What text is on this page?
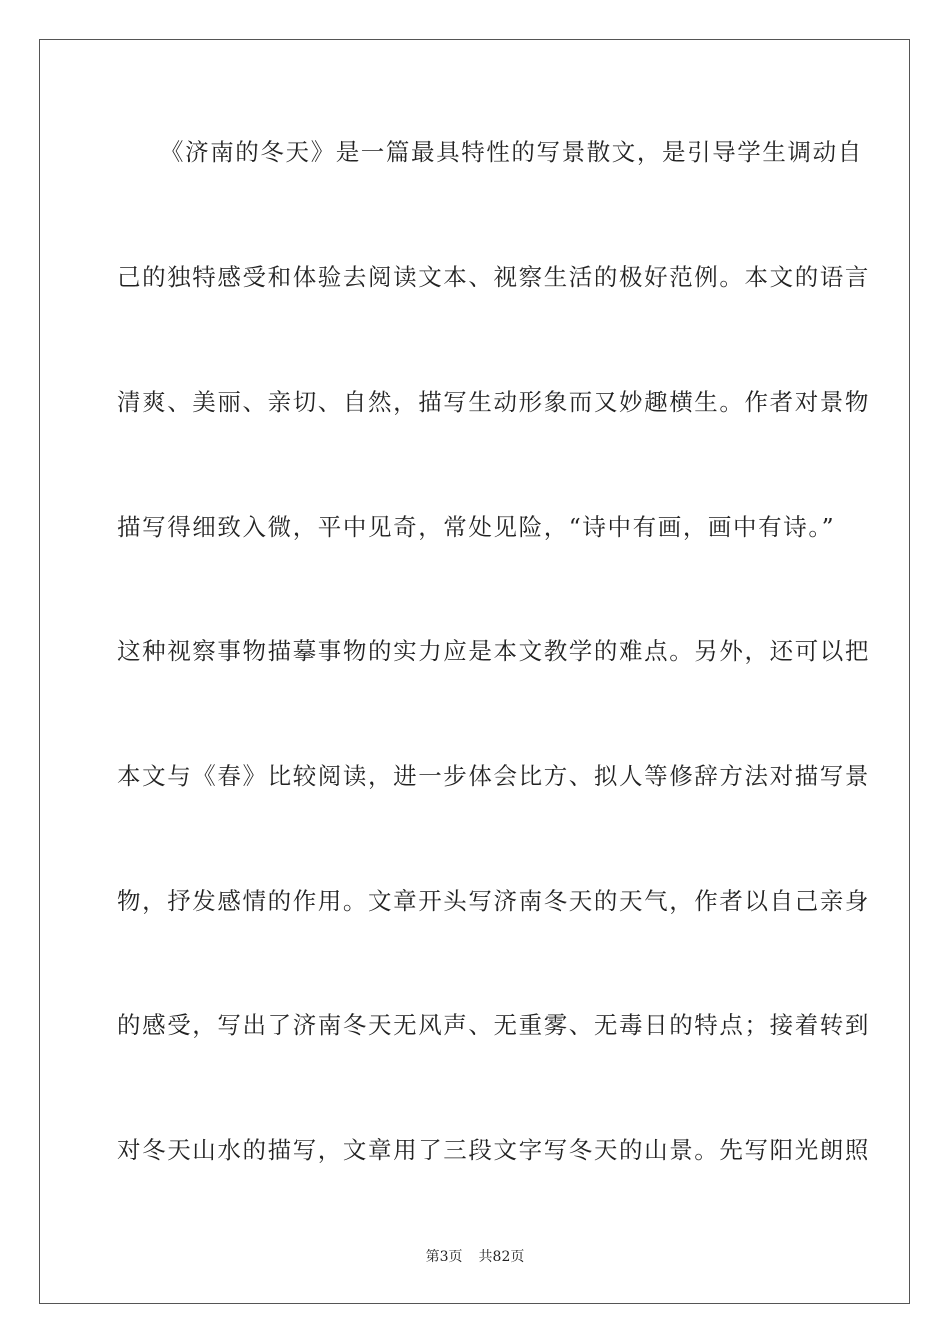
《济南的冬天》是一篇最具特性的写景散文，是引导学生调动自
己的独特感受和体验去阅读文本、视察生活的极好范例。本文的语言
清爽、美丽、亲切、自然，描写生动形象而又妙趣横生。作者对景物
描写得细致入微，平中见奇，常处见险，“诗中有画，画中有诗。”
这种视察事物描摹事物的实力应是本文教学的难点。另外，还可以把
本文与《春》比较阅读，进一步体会比方、拟人等修辞方法对描写景
物，抒发感情的作用。文章开头写济南冬天的天气，作者以自己亲身
的感受，写出了济南冬天无风声、无重雾、无毒日的特点；接着转到
对冬天山水的描写，文章用了三段文字写冬天的山景。先写阳光朗照
第3页 共82页
